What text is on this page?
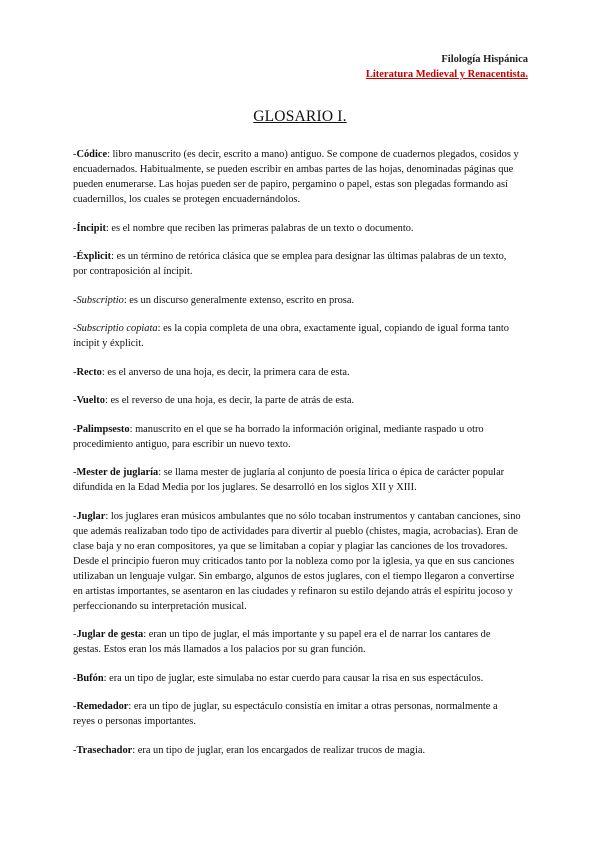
Filología Hispánica
Literatura Medieval y Renacentista.
GLOSARIO I.

-Códice: libro manuscrito (es decir, escrito a mano) antiguo. Se compone de cuadernos plegados, cosidos y encuadernados. Habitualmente, se pueden escribir en ambas partes de las hojas, denominadas páginas que pueden enumerarse. Las hojas pueden ser de papiro, pergamino o papel, estas son plegadas formando así cuadernillos, los cuales se protegen encuadernándolos.

-Íncipit: es el nombre que reciben las primeras palabras de un texto o documento.

-Éxplicit: es un término de retórica clásica que se emplea para designar las últimas palabras de un texto, por contraposición al íncipit.

-Subscriptio: es un discurso generalmente extenso, escrito en prosa.

-Subscriptio copiata: es la copia completa de una obra, exactamente igual, copiando de igual forma tanto íncipit y éxplicit.

-Recto: es el anverso de una hoja, es decir, la primera cara de esta.

-Vuelto: es el reverso de una hoja, es decir, la parte de atrás de esta.

-Palimpsesto: manuscrito en el que se ha borrado la información original, mediante raspado u otro procedimiento antiguo, para escribir un nuevo texto.

-Mester de juglaría: se llama mester de juglaría al conjunto de poesía lírica o épica de carácter popular difundida en la Edad Media por los juglares. Se desarrolló en los siglos XII y XIII.

-Juglar: los juglares eran músicos ambulantes que no sólo tocaban instrumentos y cantaban canciones, sino que además realizaban todo tipo de actividades para divertir al pueblo (chistes, magia, acrobacias). Eran de clase baja y no eran compositores, ya que se limitaban a copiar y plagiar las canciones de los trovadores. Desde el principio fueron muy criticados tanto por la nobleza como por la iglesia, ya que en sus canciones utilizaban un lenguaje vulgar. Sin embargo, algunos de estos juglares, con el tiempo llegaron a convertirse en artistas importantes, se asentaron en las ciudades y refinaron su estilo dejando atrás el espíritu jocoso y perfeccionando su interpretación musical.

-Juglar de gesta: eran un tipo de juglar, el más importante y su papel era el de narrar los cantares de gestas. Estos eran los más llamados a los palacios por su gran función.

-Bufón: era un tipo de juglar, este simulaba no estar cuerdo para causar la risa en sus espectáculos.

-Remedador: era un tipo de juglar, su espectáculo consistía en imitar a otras personas, normalmente a reyes o personas importantes.

-Trasechador: era un tipo de juglar, eran los encargados de realizar trucos de magia.
